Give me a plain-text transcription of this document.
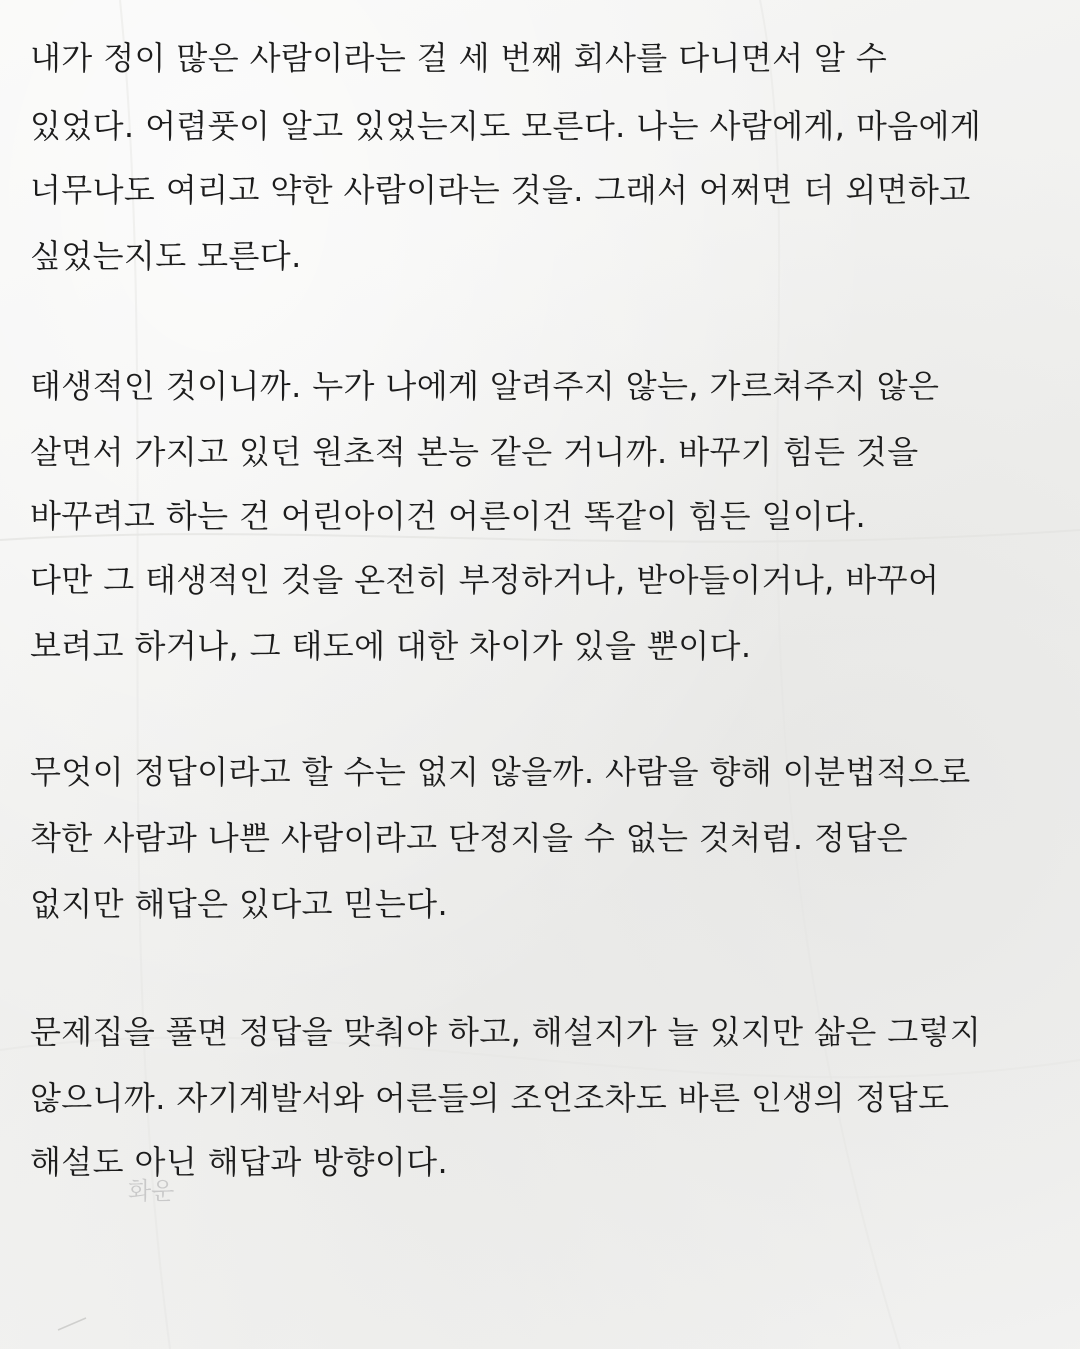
내가 정이 많은 사람이라는 걸 세 번째 회사를 다니면서 알 수
있었다. 어렴풋이 알고 있었는지도 모른다. 나는 사람에게, 마음에게
너무나도 여리고 약한 사람이라는 것을. 그래서 어쩌면 더 외면하고
싶었는지도 모른다.
태생적인 것이니까. 누가 나에게 알려주지 않는, 가르쳐주지 않은
살면서 가지고 있던 원초적 본능 같은 거니까. 바꾸기 힘든 것을
바꾸려고 하는 건 어린아이건 어른이건 똑같이 힘든 일이다.
다만 그 태생적인 것을 온전히 부정하거나, 받아들이거나, 바꾸어
보려고 하거나, 그 태도에 대한 차이가 있을 뿐이다.
무엇이 정답이라고 할 수는 없지 않을까. 사람을 향해 이분법적으로
착한 사람과 나쁜 사람이라고 단정지을 수 없는 것처럼. 정답은
없지만 해답은 있다고 믿는다.
문제집을 풀면 정답을 맞춰야 하고, 해설지가 늘 있지만 삶은 그렇지
않으니까. 자기계발서와 어른들의 조언조차도 바른 인생의 정답도
해설도 아닌 해답과 방향이다.
화운
